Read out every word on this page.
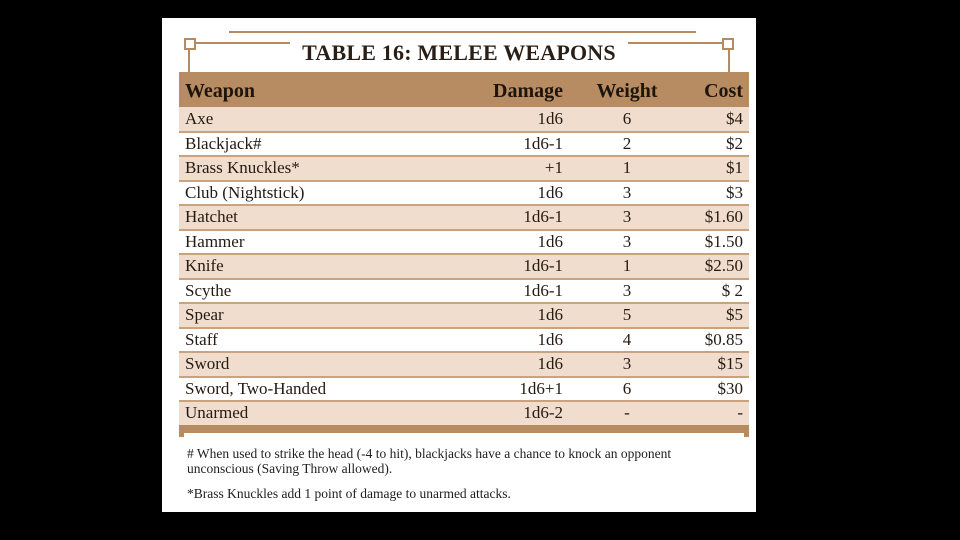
TABLE 16: MELEE WEAPONS
Weapon	Damage	Weight	Cost
Axe	1d6	6	$4
Blackjack#	1d6-1	2	$2
Brass Knuckles*	+1	1	$1
Club (Nightstick)	1d6	3	$3
Hatchet	1d6-1	3	$1.60
Hammer	1d6	3	$1.50
Knife	1d6-1	1	$2.50
Scythe	1d6-1	3	$ 2
Spear	1d6	5	$5
Staff	1d6	4	$0.85
Sword	1d6	3	$15
Sword, Two-Handed	1d6+1	6	$30
Unarmed	1d6-2	-	-

# When used to strike the head (-4 to hit), blackjacks have a chance to knock an opponent unconscious (Saving Throw allowed).

*Brass Knuckles add 1 point of damage to unarmed attacks.
